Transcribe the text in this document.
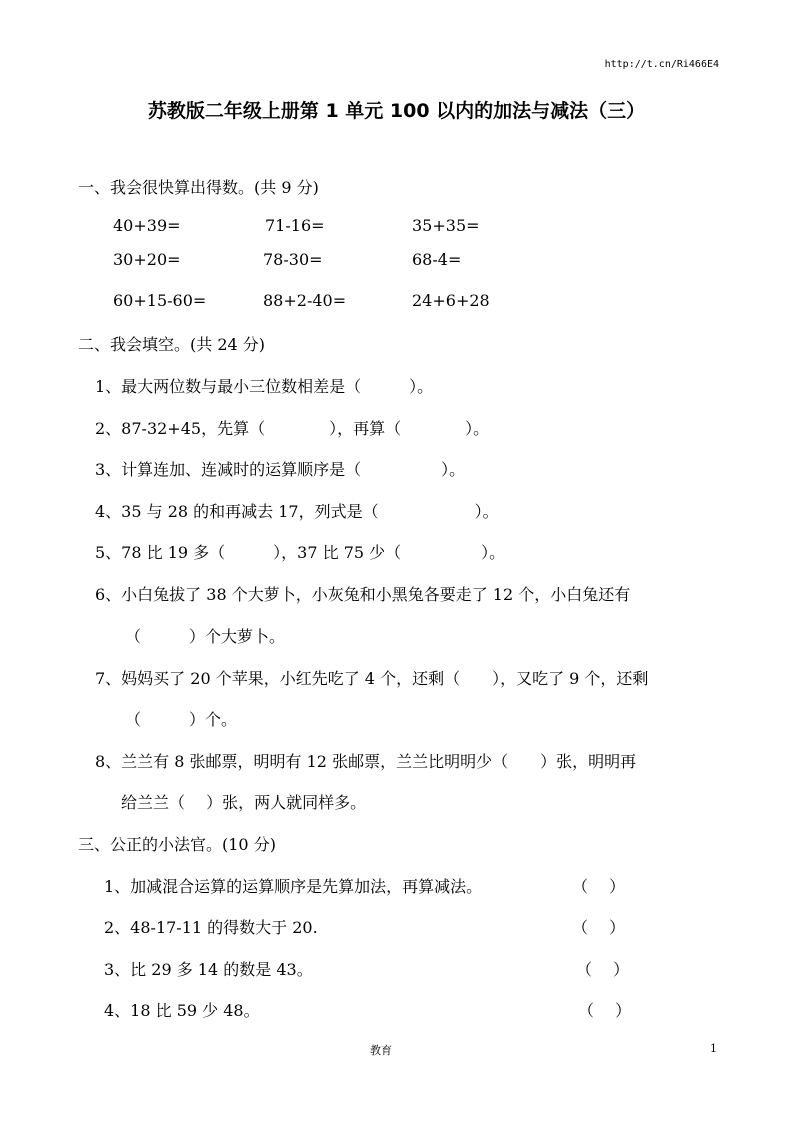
http://t.cn/Ri466E4
苏教版二年级上册第 1 单元 100 以内的加法与减法（三）
一、我会很快算出得数。(共 9 分)
40+39=	71-16=	35+35=
30+20=	78-30=	68-4=
60+15-60=	88+2-40=	24+6+28
二、我会填空。(共 24 分)
1、最大两位数与最小三位数相差是（　　　）。
2、87-32+45，先算（　　　　），再算（　　　　）。
3、计算连加、连减时的运算顺序是（　　　　　）。
4、35 与 28 的和再减去 17，列式是（　　　　　　）。
5、78 比 19 多（　　　），37 比 75 少（　　　　　）。
6、小白兔拔了 38 个大萝卜，小灰兔和小黑兔各要走了 12 个，小白兔还有
（　　　）个大萝卜。
7、妈妈买了 20 个苹果，小红先吃了 4 个，还剩（　　），又吃了 9 个，还剩
（　　　）个。
8、兰兰有 8 张邮票，明明有 12 张邮票，兰兰比明明少（　　）张，明明再
给兰兰（　 ）张，两人就同样多。
三、公正的小法官。(10 分)
1、加减混合运算的运算顺序是先算加法，再算减法。	（　 ）
2、48-17-11 的得数大于 20.	（　 ）
3、比 29 多 14 的数是 43。	（　 ）
4、18 比 59 少 48。	（　 ）
教育	1
